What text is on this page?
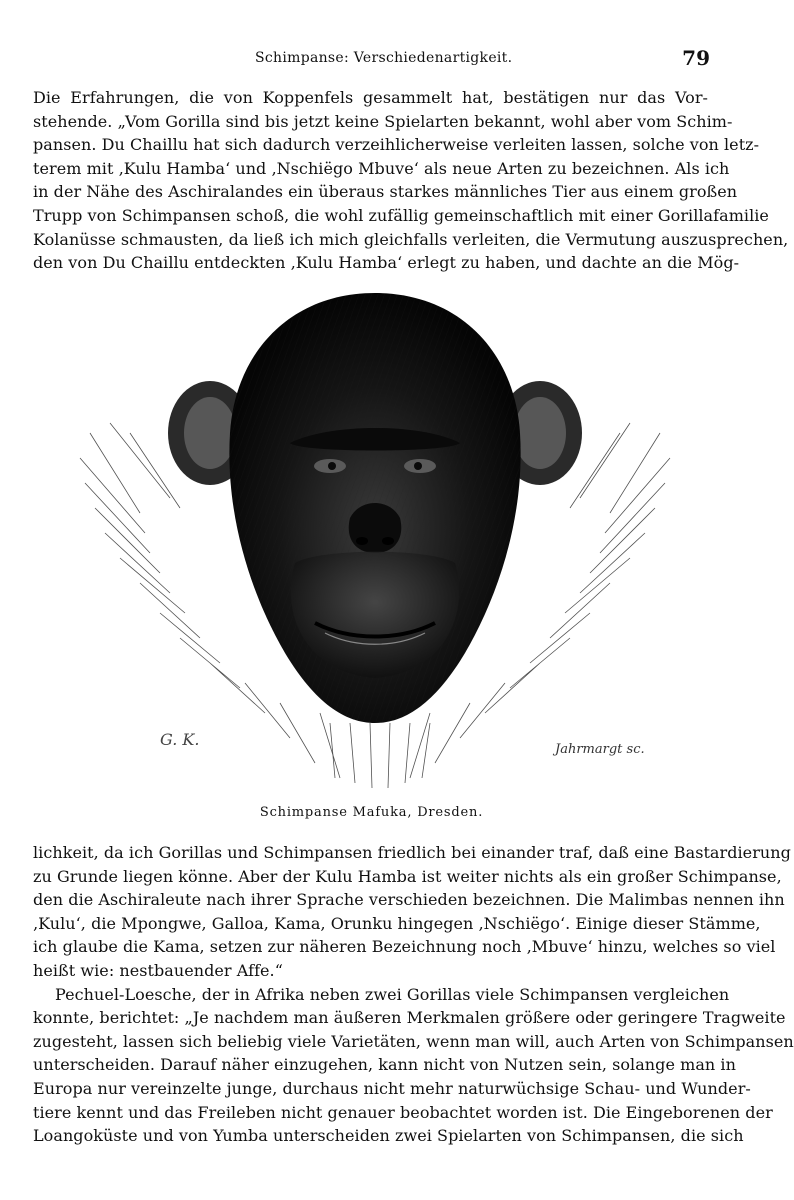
Schimpanse: Verschiedenartigkeit.	79
Die Erfahrungen, die von Koppenfels gesammelt hat, bestätigen nur das Vor-
stehende. „Vom Gorilla sind bis jetzt keine Spielarten bekannt, wohl aber vom Schim-
pansen. Du Chaillu hat sich dadurch verzeihlicherweise verleiten lassen, solche von letz-
terem mit ‚Kulu Hamba‘ und ‚Nschiëgo Mbuve‘ als neue Arten zu bezeichnen. Als ich
in der Nähe des Aschiralandes ein überaus starkes männliches Tier aus einem großen
Trupp von Schimpansen schoß, die wohl zufällig gemeinschaftlich mit einer Gorillafamilie
Kolanüsse schmausten, da ließ ich mich gleichfalls verleiten, die Vermutung auszusprechen,
den von Du Chaillu entdeckten ‚Kulu Hamba‘ erlegt zu haben, und dachte an die Mög-
G. K.
Jahrmargt sc.
Schimpanse Mafuka, Dresden.
lichkeit, da ich Gorillas und Schimpansen friedlich bei einander traf, daß eine Bastardierung
zu Grunde liegen könne. Aber der Kulu Hamba ist weiter nichts als ein großer Schimpanse,
den die Aschiraleute nach ihrer Sprache verschieden bezeichnen. Die Malimbas nennen ihn
‚Kulu‘, die Mpongwe, Galloa, Kama, Orunku hingegen ‚Nschiëgo‘. Einige dieser Stämme,
ich glaube die Kama, setzen zur näheren Bezeichnung noch ‚Mbuve‘ hinzu, welches so viel
heißt wie: nestbauender Affe.“
Pechuel-Loesche, der in Afrika neben zwei Gorillas viele Schimpansen vergleichen
konnte, berichtet: „Je nachdem man äußeren Merkmalen größere oder geringere Tragweite
zugesteht, lassen sich beliebig viele Varietäten, wenn man will, auch Arten von Schimpansen
unterscheiden. Darauf näher einzugehen, kann nicht von Nutzen sein, solange man in
Europa nur vereinzelte junge, durchaus nicht mehr naturwüchsige Schau- und Wunder-
tiere kennt und das Freileben nicht genauer beobachtet worden ist. Die Eingeborenen der
Loangoküste und von Yumba unterscheiden zwei Spielarten von Schimpansen, die sich
